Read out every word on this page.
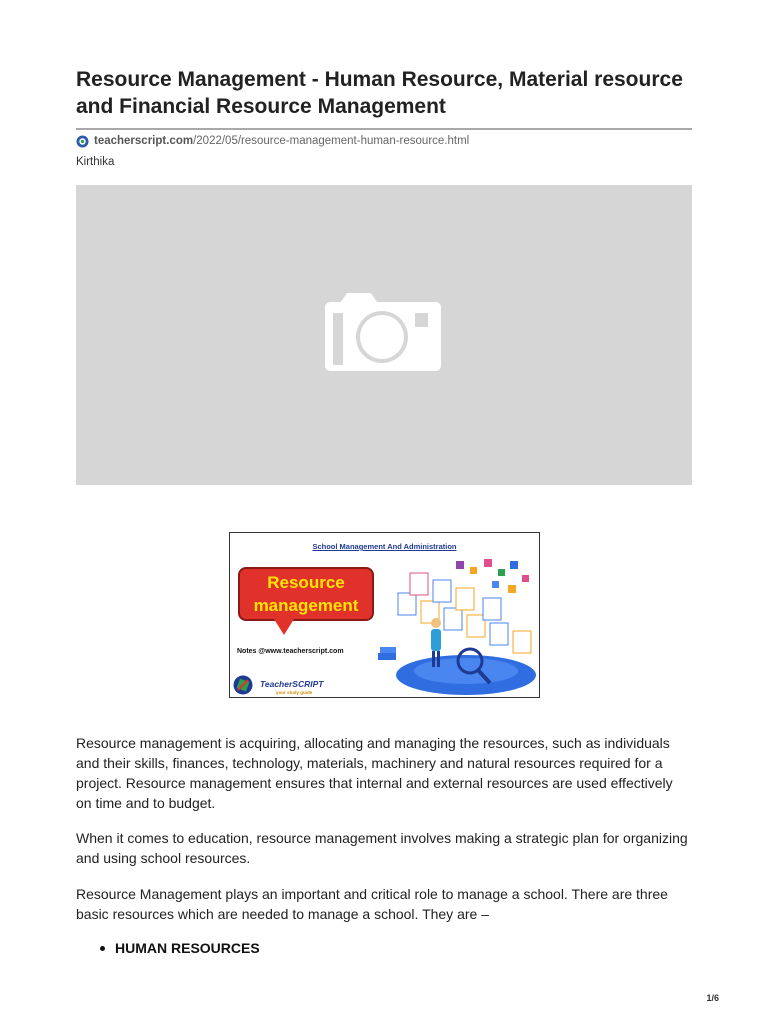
Resource Management - Human Resource, Material resource and Financial Resource Management
teacherscript.com /2022/05/resource-management-human-resource.html
Kirthika
School Management And Administration
Resource
management
Notes @www.teacherscript.com
TeacherSCRIPT
your study guide

Resource management is acquiring, allocating and managing the resources, such as individuals and their skills, finances, technology, materials, machinery and natural resources required for a project. Resource management ensures that internal and external resources are used effectively on time and to budget.

When it comes to education, resource management involves making a strategic plan for organizing and using school resources.

Resource Management plays an important and critical role to manage a school. There are three basic resources which are needed to manage a school. They are –

HUMAN RESOURCES
1/6
